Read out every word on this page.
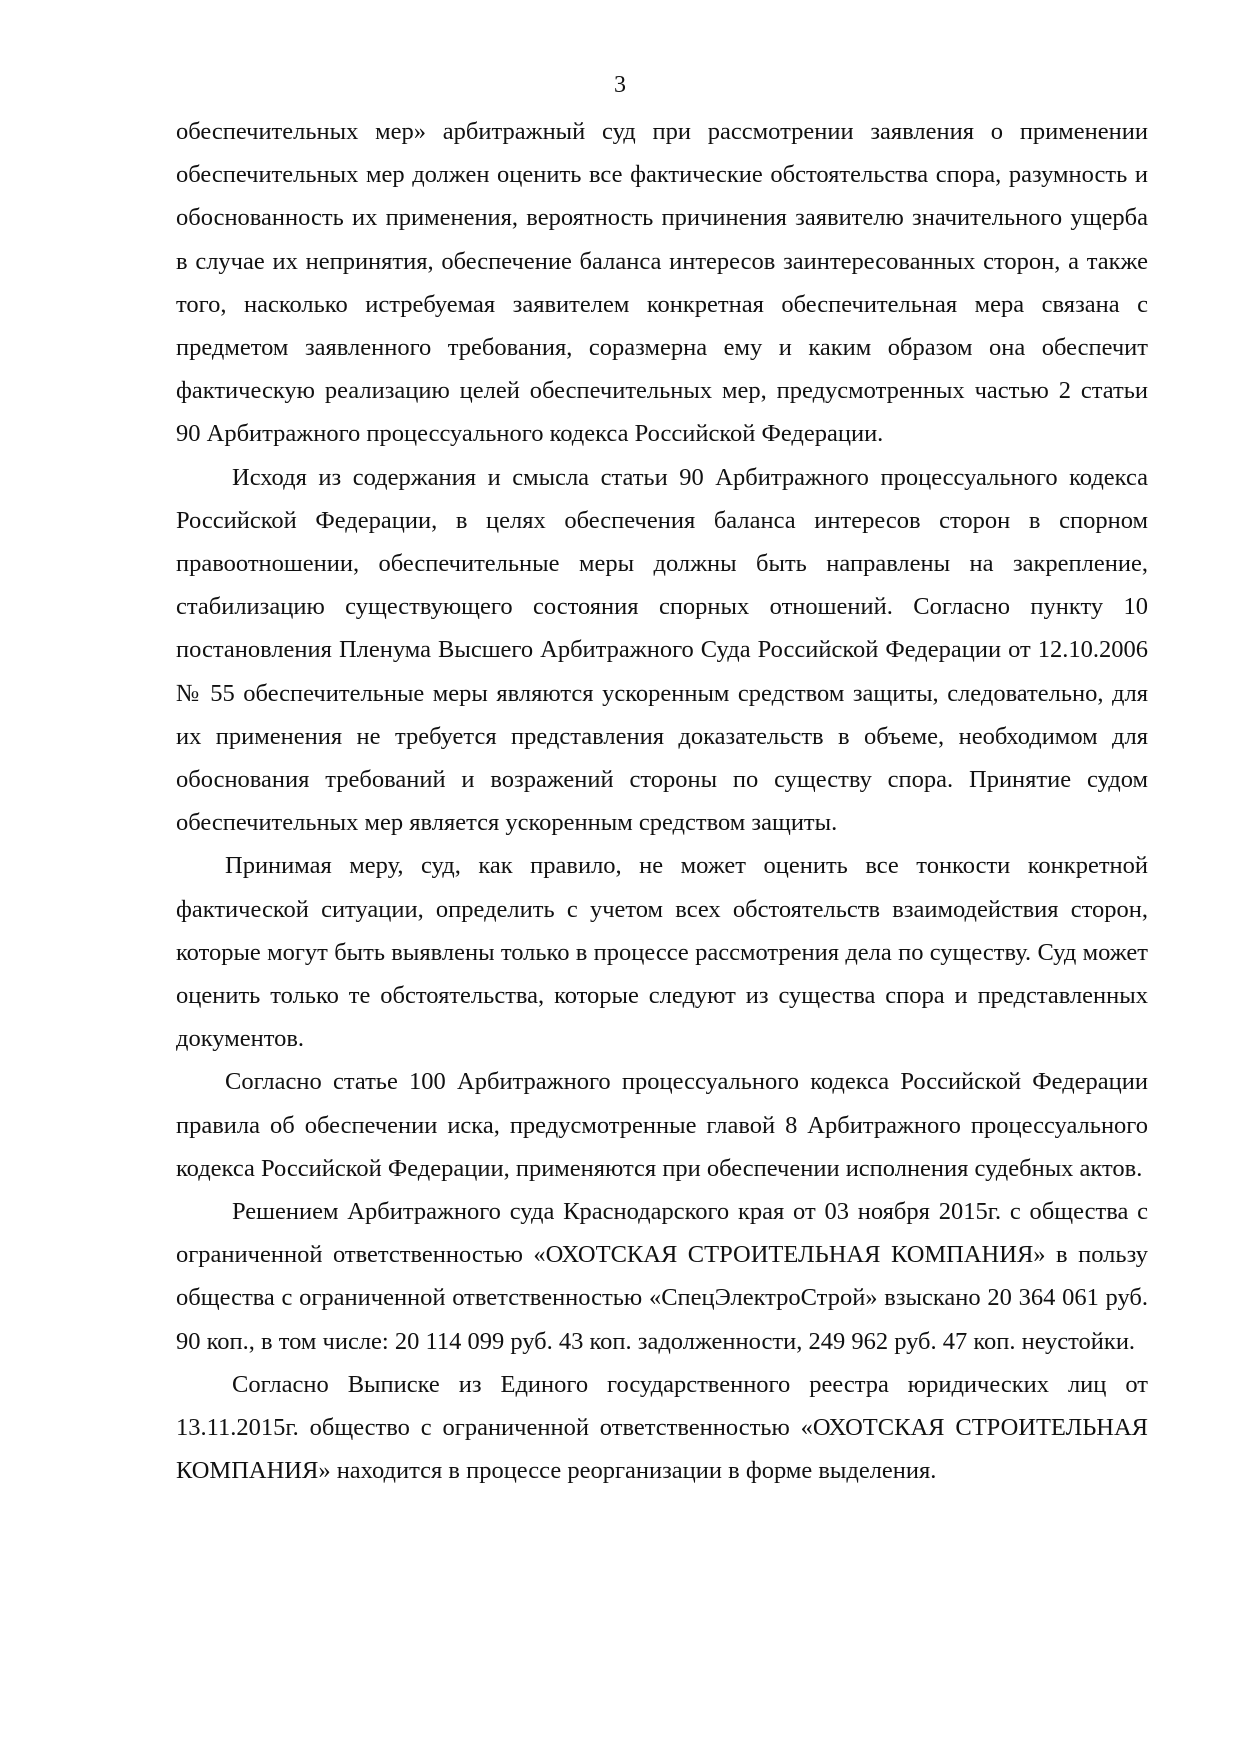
3

обеспечительных мер» арбитражный суд при рассмотрении заявления о применении обеспечительных мер должен оценить все фактические обстоятельства спора, разумность и обоснованность их применения, вероятность причинения заявителю значительного ущерба в случае их непринятия, обеспечение баланса интересов заинтересованных сторон, а также того, насколько истребуемая заявителем конкретная обеспечительная мера связана с предметом заявленного требования, соразмерна ему и каким образом она обеспечит фактическую реализацию целей обеспечительных мер, предусмотренных частью 2 статьи 90 Арбитражного процессуального кодекса Российской Федерации.

Исходя из содержания и смысла статьи 90 Арбитражного процессуального кодекса Российской Федерации, в целях обеспечения баланса интересов сторон в спорном правоотношении, обеспечительные меры должны быть направлены на закрепление, стабилизацию существующего состояния спорных отношений. Согласно пункту 10 постановления Пленума Высшего Арбитражного Суда Российской Федерации от 12.10.2006 № 55 обеспечительные меры являются ускоренным средством защиты, следовательно, для их применения не требуется представления доказательств в объеме, необходимом для обоснования требований и возражений стороны по существу спора. Принятие судом обеспечительных мер является ускоренным средством защиты.

Принимая меру, суд, как правило, не может оценить все тонкости конкретной фактической ситуации, определить с учетом всех обстоятельств взаимодействия сторон, которые могут быть выявлены только в процессе рассмотрения дела по существу. Суд может оценить только те обстоятельства, которые следуют из существа спора и представленных документов.

Согласно статье 100 Арбитражного процессуального кодекса Российской Федерации правила об обеспечении иска, предусмотренные главой 8 Арбитражного процессуального кодекса Российской Федерации, применяются при обеспечении исполнения судебных актов.

Решением Арбитражного суда Краснодарского края от 03 ноября 2015г. с общества с ограниченной ответственностью «ОХОТСКАЯ СТРОИТЕЛЬНАЯ КОМПАНИЯ» в пользу общества с ограниченной ответственностью «СпецЭлектроСтрой» взыскано 20 364 061 руб. 90 коп., в том числе: 20 114 099 руб. 43 коп. задолженности, 249 962 руб. 47 коп. неустойки.

Согласно Выписке из Единого государственного реестра юридических лиц от 13.11.2015г. общество с ограниченной ответственностью «ОХОТСКАЯ СТРОИТЕЛЬНАЯ КОМПАНИЯ» находится в процессе реорганизации в форме выделения.
